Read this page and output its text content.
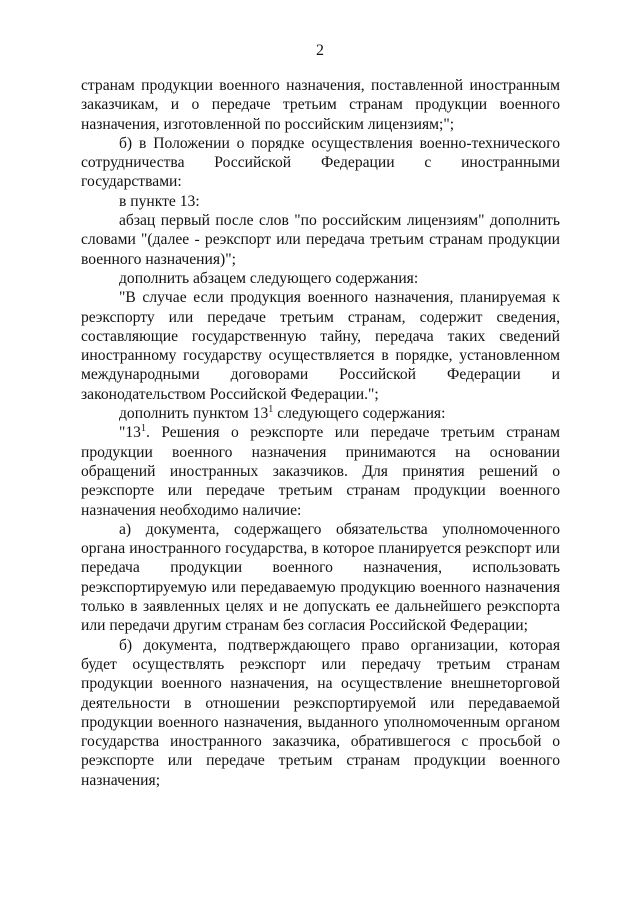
2

странам продукции военного назначения, поставленной иностранным заказчикам, и о передаче третьим странам продукции военного назначения, изготовленной по российским лицензиям;";

б) в Положении о порядке осуществления военно-технического сотрудничества Российской Федерации с иностранными государствами:

в пункте 13:

абзац первый после слов "по российским лицензиям" дополнить словами "(далее - реэкспорт или передача третьим странам продукции военного назначения)";

дополнить абзацем следующего содержания:

"В случае если продукция военного назначения, планируемая к реэкспорту или передаче третьим странам, содержит сведения, составляющие государственную тайну, передача таких сведений иностранному государству осуществляется в порядке, установленном международными договорами Российской Федерации и законодательством Российской Федерации.";

дополнить пунктом $13^1$ следующего содержания:

"$13^1$. Решения о реэкспорте или передаче третьим странам продукции военного назначения принимаются на основании обращений иностранных заказчиков. Для принятия решений о реэкспорте или передаче третьим странам продукции военного назначения необходимо наличие:

а) документа, содержащего обязательства уполномоченного органа иностранного государства, в которое планируется реэкспорт или передача продукции военного назначения, использовать реэкспортируемую или передаваемую продукцию военного назначения только в заявленных целях и не допускать ее дальнейшего реэкспорта или передачи другим странам без согласия Российской Федерации;

б) документа, подтверждающего право организации, которая будет осуществлять реэкспорт или передачу третьим странам продукции военного назначения, на осуществление внешнеторговой деятельности в отношении реэкспортируемой или передаваемой продукции военного назначения, выданного уполномоченным органом государства иностранного заказчика, обратившегося с просьбой о реэкспорте или передаче третьим странам продукции военного назначения;
